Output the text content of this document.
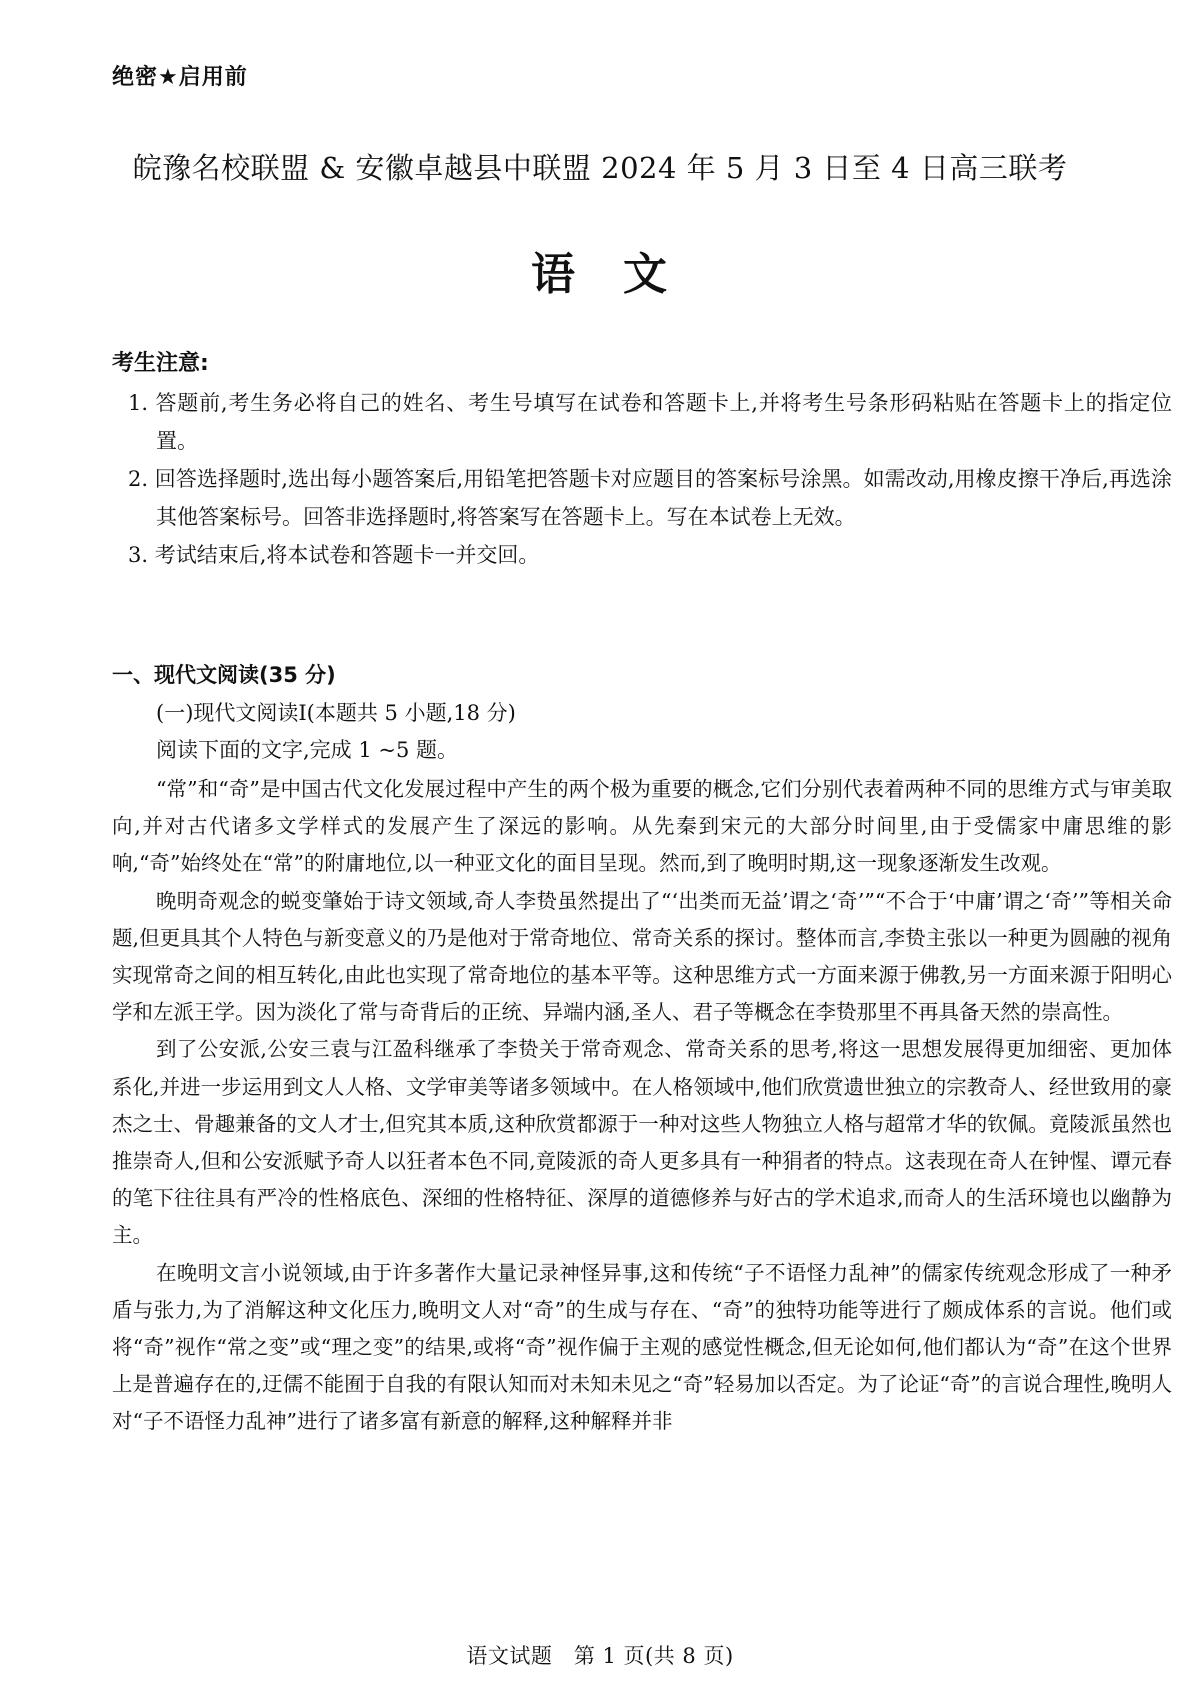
绝密★启用前
皖豫名校联盟 & 安徽卓越县中联盟 2024 年 5 月 3 日至 4 日高三联考
语　文
考生注意:
1. 答题前,考生务必将自己的姓名、考生号填写在试卷和答题卡上,并将考生号条形码粘贴在答题卡上的指定位置。
2. 回答选择题时,选出每小题答案后,用铅笔把答题卡对应题目的答案标号涂黑。如需改动,用橡皮擦干净后,再选涂其他答案标号。回答非选择题时,将答案写在答题卡上。写在本试卷上无效。
3. 考试结束后,将本试卷和答题卡一并交回。
一、现代文阅读(35 分)
(一)现代文阅读Ⅰ(本题共 5 小题,18 分)
阅读下面的文字,完成 1 ~5 题。

“常”和“奇”是中国古代文化发展过程中产生的两个极为重要的概念,它们分别代表着两种不同的思维方式与审美取向,并对古代诸多文学样式的发展产生了深远的影响。从先秦到宋元的大部分时间里,由于受儒家中庸思维的影响,“奇”始终处在“常”的附庸地位,以一种亚文化的面目呈现。然而,到了晚明时期,这一现象逐渐发生改观。

晚明奇观念的蜕变肇始于诗文领域,奇人李贽虽然提出了“‘出类而无益’谓之‘奇’”“不合于‘中庸’谓之‘奇’”等相关命题,但更具其个人特色与新变意义的乃是他对于常奇地位、常奇关系的探讨。整体而言,李贽主张以一种更为圆融的视角实现常奇之间的相互转化,由此也实现了常奇地位的基本平等。这种思维方式一方面来源于佛教,另一方面来源于阳明心学和左派王学。因为淡化了常与奇背后的正统、异端内涵,圣人、君子等概念在李贽那里不再具备天然的崇高性。

到了公安派,公安三袁与江盈科继承了李贽关于常奇观念、常奇关系的思考,将这一思想发展得更加细密、更加体系化,并进一步运用到文人人格、文学审美等诸多领域中。在人格领域中,他们欣赏遗世独立的宗教奇人、经世致用的豪杰之士、骨趣兼备的文人才士,但究其本质,这种欣赏都源于一种对这些人物独立人格与超常才华的钦佩。竟陵派虽然也推崇奇人,但和公安派赋予奇人以狂者本色不同,竟陵派的奇人更多具有一种狷者的特点。这表现在奇人在钟惺、谭元春的笔下往往具有严冷的性格底色、深细的性格特征、深厚的道德修养与好古的学术追求,而奇人的生活环境也以幽静为主。

在晚明文言小说领域,由于许多著作大量记录神怪异事,这和传统“子不语怪力乱神”的儒家传统观念形成了一种矛盾与张力,为了消解这种文化压力,晚明文人对“奇”的生成与存在、“奇”的独特功能等进行了颇成体系的言说。他们或将“奇”视作“常之变”或“理之变”的结果,或将“奇”视作偏于主观的感觉性概念,但无论如何,他们都认为“奇”在这个世界上是普遍存在的,迂儒不能囿于自我的有限认知而对未知未见之“奇”轻易加以否定。为了论证“奇”的言说合理性,晚明人对“子不语怪力乱神”进行了诸多富有新意的解释,这种解释并非

语文试题　第 1 页(共 8 页)
